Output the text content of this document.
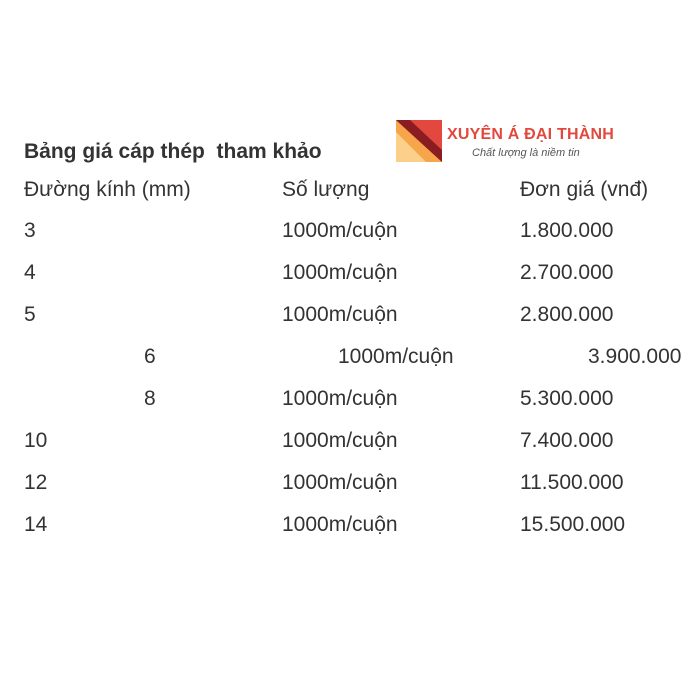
Bảng giá cáp thép  tham khảo
XUYÊN Á ĐẠI THÀNH
Chất lượng là niềm tin
Đường kính (mm)	Số lượng	Đơn giá (vnđ)
3	1000m/cuộn	1.800.000
4	1000m/cuộn	2.700.000
5	1000m/cuộn	2.800.000
6	1000m/cuộn	3.900.000
8	1000m/cuộn	5.300.000
10	1000m/cuộn	7.400.000
12	1000m/cuộn	11.500.000
14	1000m/cuộn	15.500.000
